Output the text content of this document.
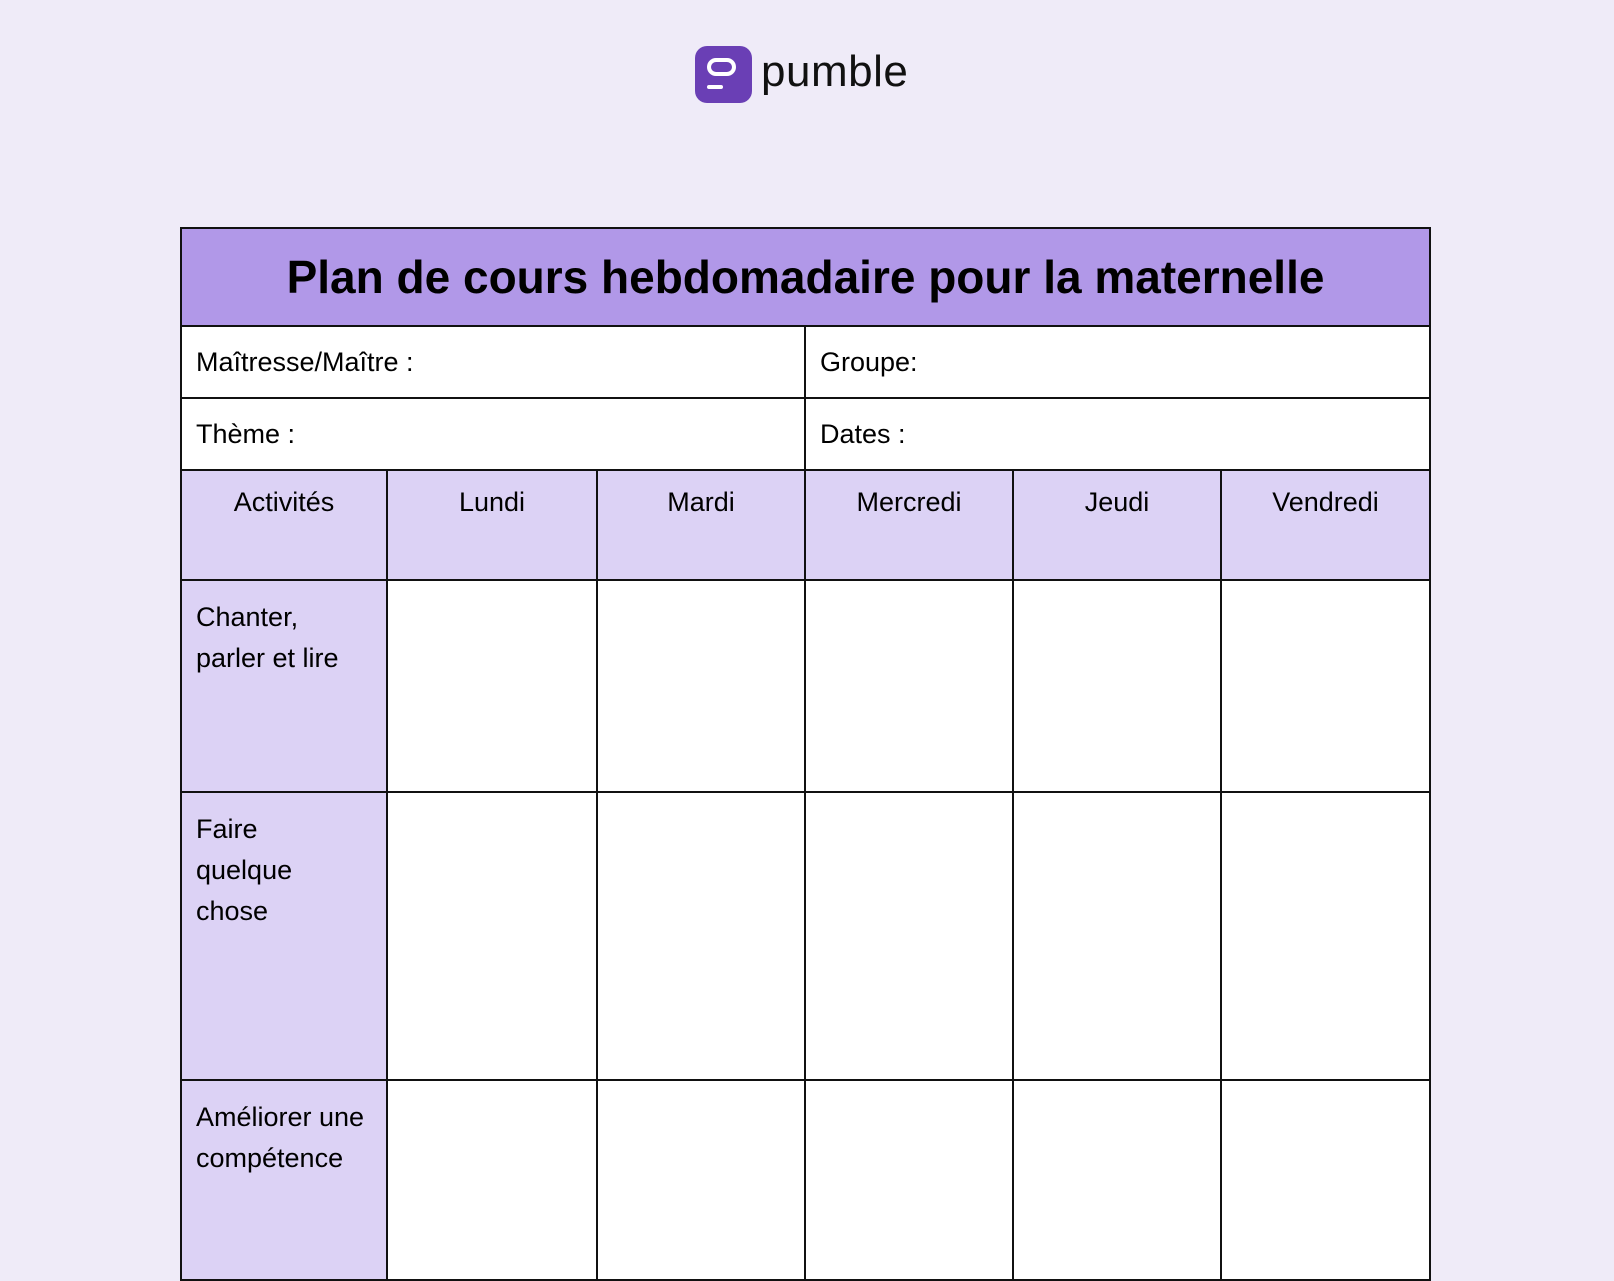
pumble
Plan de cours hebdomadaire pour la maternelle					
Maîtresse/Maître :			Groupe:		
Thème :			Dates :		
Activités	Lundi	Mardi	Mercredi	Jeudi	Vendredi
Chanter, parler et lire					
Faire quelque chose					
Améliorer une compétence					
